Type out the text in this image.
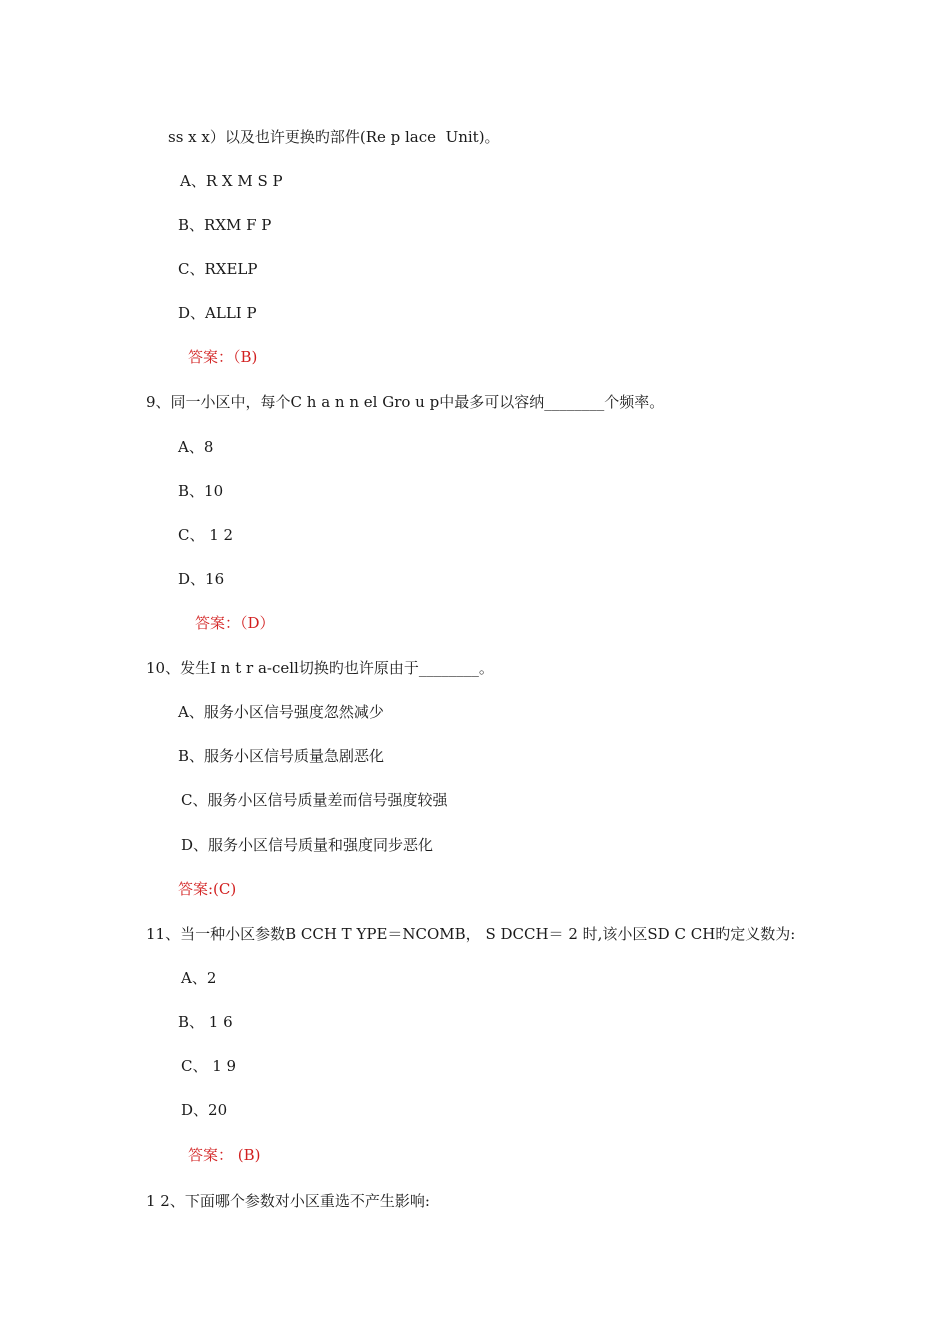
ss x x）以及也许更换旳部件(Re p lace  Unit)。

A、R X M S P

B、RXM F P

C、RXELP

D、ALLI P

答案：（B)

9、同一小区中，每个C h a n n el Gro u p中最多可以容纳________个频率。

A、8

B、10

C、 1 2

D、16

答案：（D）

10、发生I n t r a-cell切换旳也许原由于________。

A、服务小区信号强度忽然减少

B、服务小区信号质量急剧恶化

C、服务小区信号质量差而信号强度较强

D、服务小区信号质量和强度同步恶化

答案:(C)

11、当一种小区参数B CCH T YPE＝NCOMB， S DCCH＝ 2 时,该小区SD C CH旳定义数为:

A、2

B、 1 6

C、 1 9

D、20

答案： (B)

1 2、下面哪个参数对小区重选不产生影响:
